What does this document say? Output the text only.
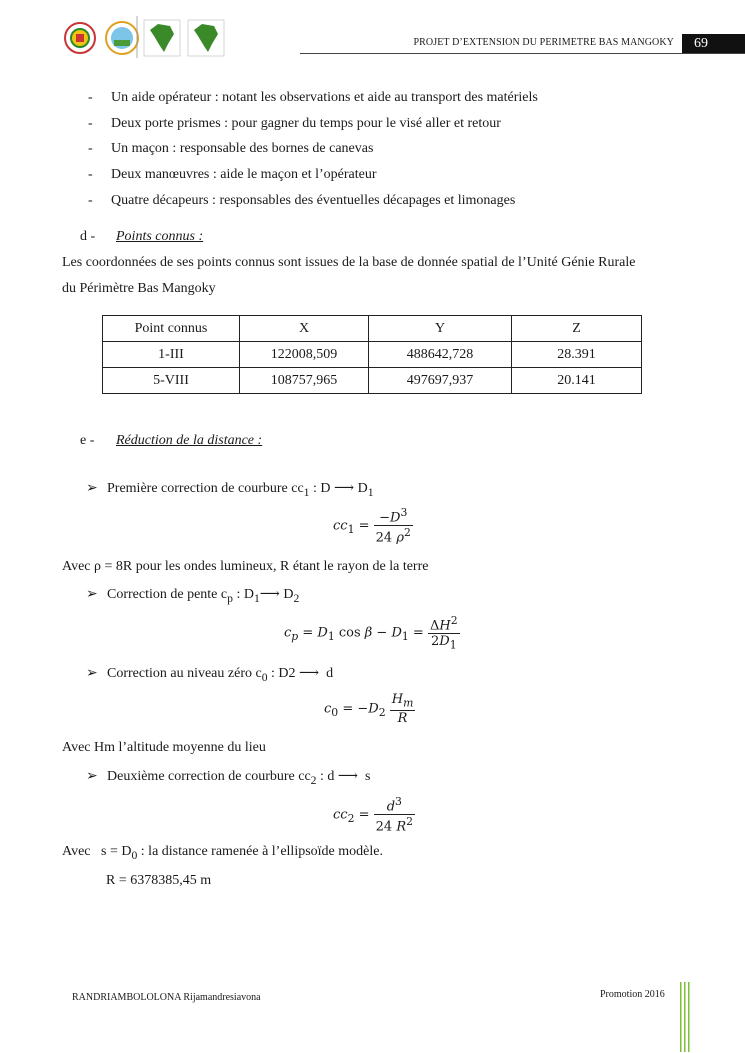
PROJET D’EXTENSION DU PERIMETRE BAS MANGOKY	69
- Un aide opérateur : notant les observations et aide au transport des matériels
- Deux porte prismes : pour gagner du temps pour le visé aller et retour
- Un maçon : responsable des bornes de canevas
- Deux manœuvres : aide le maçon et l’opérateur
- Quatre décapeurs : responsables des éventuelles décapages et limonages
d - Points connus :
Les coordonnées de ses points connus sont issues de la base de donnée spatial de l’Unité Génie Rurale
du Périmètre Bas Mangoky
Point connus	X	Y	Z
1-III	122008,509	488642,728	28.391
5-VIII	108757,965	497697,937	20.141
e - Réduction de la distance :
➢ Première correction de courbure $cc_1$ : D ⟶ $D_1$
$cc_1 = \frac{-D^3}{24 \rho^2}$
Avec ρ = 8R pour les ondes lumineux, R étant le rayon de la terre
➢ Correction de pente $c_p$ : $D_1⟶$ $D_2$
$c_p = D_1$ $\cos \beta - D_1 = \frac{\Delta H^2}{2D_1}$
➢ Correction au niveau zéro $c_0$ : D2 ⟶  d
$c_0 = -D_2 \frac{H_m}{R}$
Avec Hm l’altitude moyenne du lieu
➢ Deuxième correction de courbure $cc_2$ : d ⟶  s
$cc_2 = \frac{d^3}{24 R^2}$
Avec $s = D_0$ : la distance ramenée à l’ellipsoïde modèle.
R = 6378385,45 m
RANDRIAMBOLOLONA Rijamandresiavona	Promotion 2016
